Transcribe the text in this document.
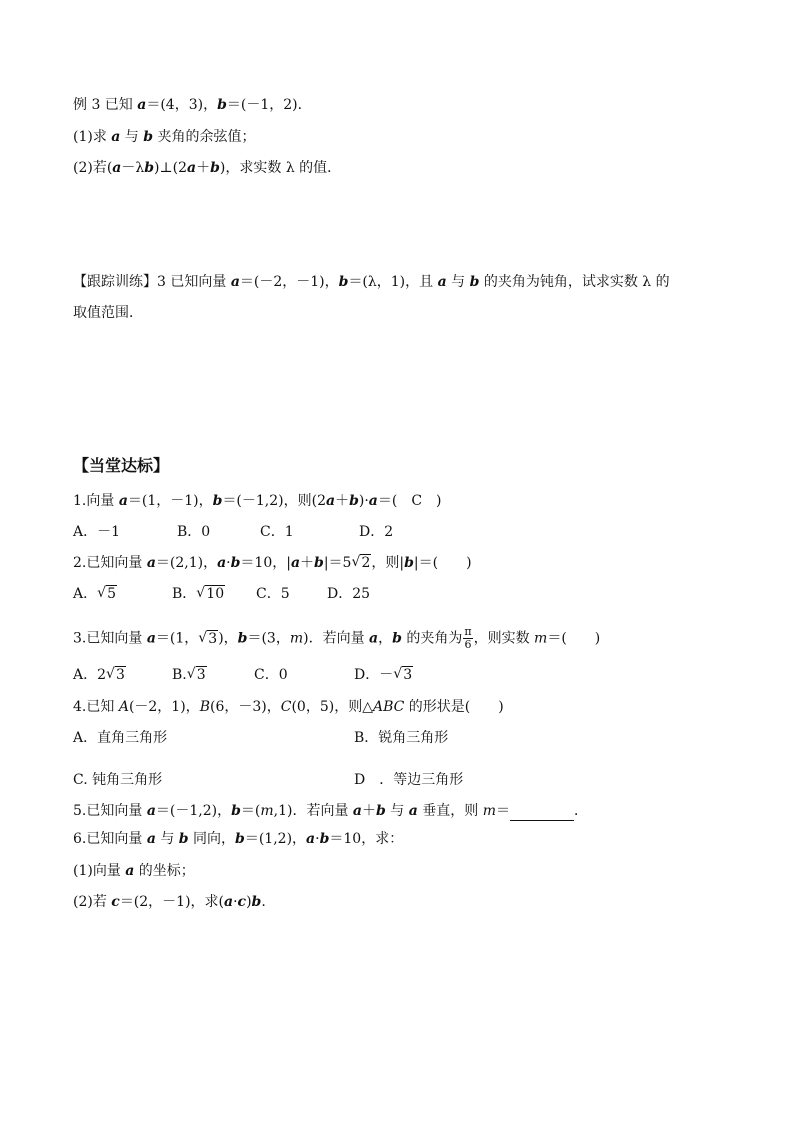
例 3 已知 a＝(4，3)，b＝(－1，2)．
(1)求 a 与 b 夹角的余弦值；
(2)若(a－λb)⊥(2a＋b)，求实数 λ 的值．
【跟踪训练】3 已知向量 a＝(－2，－1)，b＝(λ，1)，且 a 与 b 的夹角为钝角，试求实数 λ 的
取值范围．
【当堂达标】
1.向量 a＝(1，－1)，b＝(－1,2)，则(2a＋b)·a＝(　C　)
A．－1	B．0	C．1	D．2
2.已知向量 a＝(2,1)，a·b＝10，|a＋b|＝5 √ 2，则|b|＝(　　)
A． √ 5	B． √ 10 C．5	D．25
3.已知向量 a＝(1， √ 3)，b＝(3，m)．若向量 a，b 的夹角为 $\frac{\pi}{6}$ ，则实数 m＝(　　)
A．2 √ 3	B. √ 3	C．0	D．－ √ 3
4.已知 A(－2，1)，B(6，－3)，C(0，5)，则△ABC 的形状是(　　)
A．直角三角形	B．锐角三角形
C. 钝角三角形	D　．等边三角形
5.已知向量 a＝(－1,2)，b＝(m,1)．若向量 a＋b 与 a 垂直，则 m＝	．
6.已知向量 a 与 b 同向，b＝(1,2)，a·b＝10，求：
(1)向量 a 的坐标；
(2)若 c＝(2，－1)，求(a·c)b.
